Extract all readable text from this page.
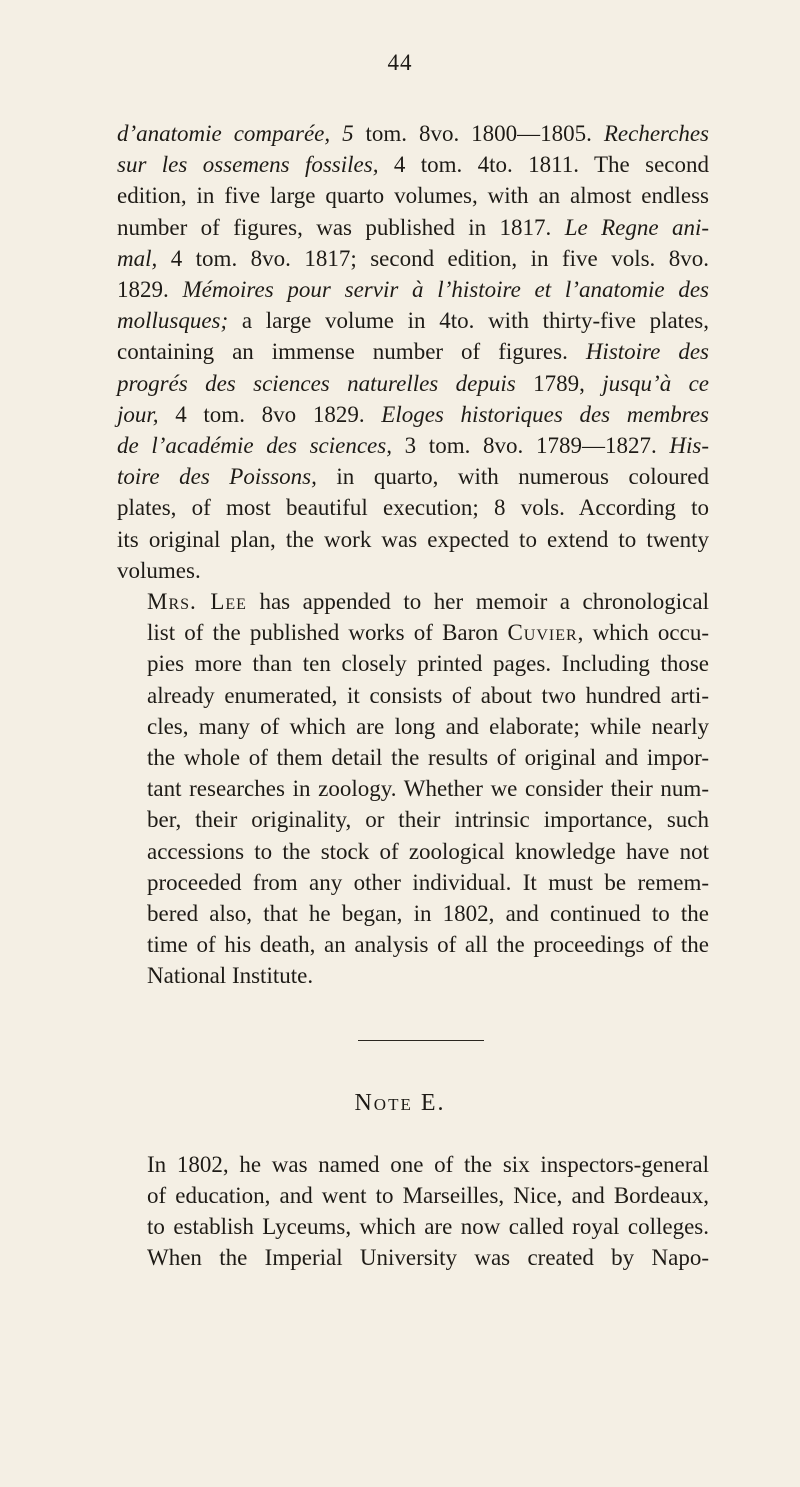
44

d’anatomie comparée, 5 tom. 8vo. 1800—1805. Recherches
sur les ossemens fossiles, 4 tom. 4to. 1811. The second
edition, in five large quarto volumes, with an almost endless
number of figures, was published in 1817. Le Regne ani-
mal, 4 tom. 8vo. 1817; second edition, in five vols. 8vo.
1829. Mémoires pour servir à l’histoire et l’anatomie des
mollusques; a large volume in 4to. with thirty-five plates,
containing an immense number of figures. Histoire des
progrés des sciences naturelles depuis 1789, jusqu’à ce
jour, 4 tom. 8vo 1829. Eloges historiques des membres
de l’académie des sciences, 3 tom. 8vo. 1789—1827. His-
toire des Poissons, in quarto, with numerous coloured
plates, of most beautiful execution; 8 vols. According to
its original plan, the work was expected to extend to twenty
volumes.

Mrs. Lee has appended to her memoir a chronological
list of the published works of Baron Cuvier, which occu-
pies more than ten closely printed pages. Including those
already enumerated, it consists of about two hundred arti-
cles, many of which are long and elaborate; while nearly
the whole of them detail the results of original and impor-
tant researches in zoology. Whether we consider their num-
ber, their originality, or their intrinsic importance, such
accessions to the stock of zoological knowledge have not
proceeded from any other individual. It must be remem-
bered also, that he began, in 1802, and continued to the
time of his death, an analysis of all the proceedings of the
National Institute.

Note E.

In 1802, he was named one of the six inspectors-general
of education, and went to Marseilles, Nice, and Bordeaux,
to establish Lyceums, which are now called royal colleges.
When the Imperial University was created by Napo-
